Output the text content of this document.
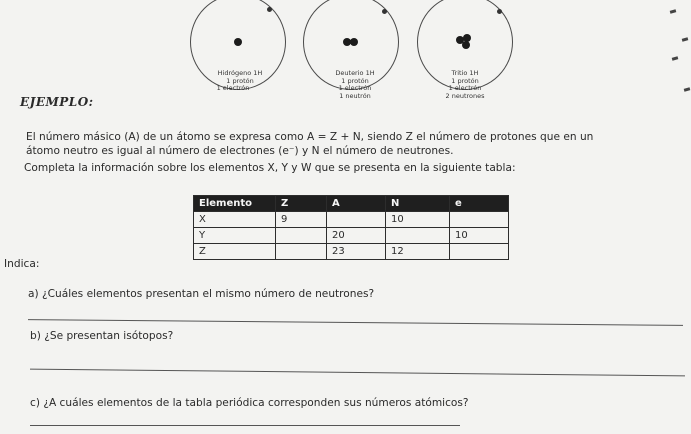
Hidrógeno 1H
1 protón
1 electrón
Deuterio 1H
1 protón
1 electrón
1 neutrón
Tritio 1H
1 protón
1 electrón
2 neutrones
EJEMPLO:
El número másico (A) de un átomo se expresa como A = Z + N, siendo Z el número de protones que en un
átomo neutro es igual al número de electrones (e⁻) y N el número de neutrones.
Completa la información sobre los elementos X, Y y W que se presenta en la siguiente tabla:
Elemento	Z	A	N	e
X	9		10	
Y		20		10
Z		23	12	
Indica:
a) ¿Cuáles elementos presentan el mismo número de neutrones?
b) ¿Se presentan isótopos?
c) ¿A cuáles elementos de la tabla periódica corresponden sus números atómicos?
